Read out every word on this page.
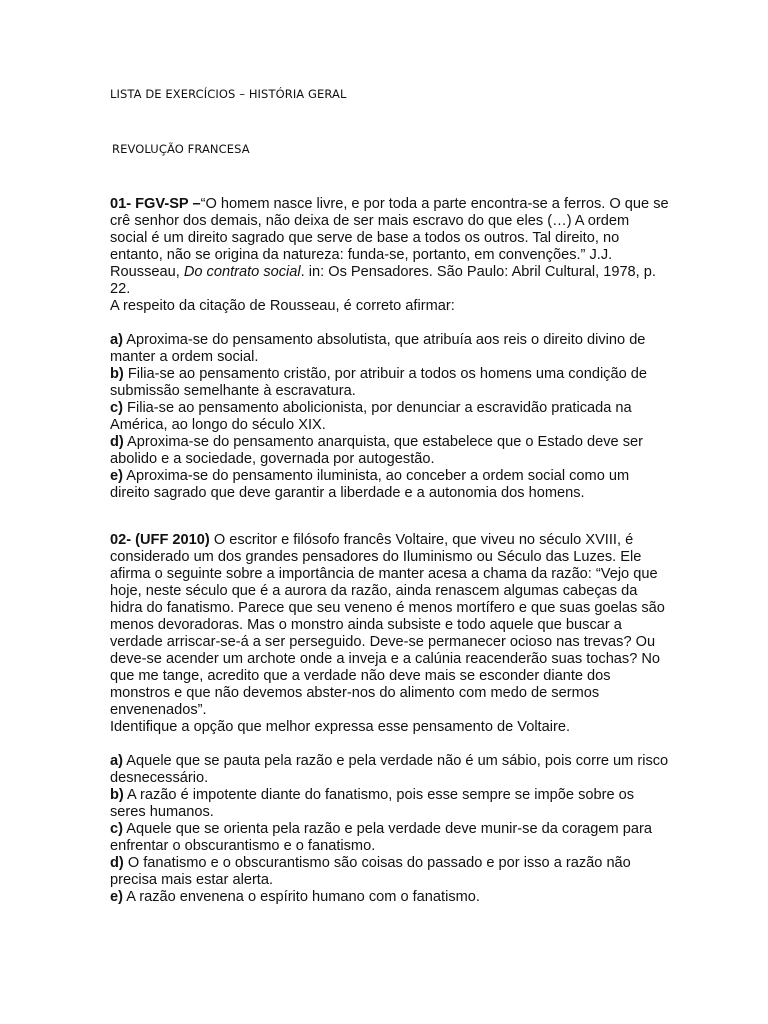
LISTA DE EXERCÍCIOS – HISTÓRIA GERAL
REVOLUÇÃO FRANCESA

01- FGV-SP –“O homem nasce livre, e por toda a parte encontra-se a ferros. O que se crê senhor dos demais, não deixa de ser mais escravo do que eles (…) A ordem social é um direito sagrado que serve de base a todos os outros. Tal direito, no entanto, não se origina da natureza: funda-se, portanto, em convenções.” J.J. Rousseau, Do contrato social. in: Os Pensadores. São Paulo: Abril Cultural, 1978, p. 22.

A respeito da citação de Rousseau, é correto afirmar:

a) Aproxima-se do pensamento absolutista, que atribuía aos reis o direito divino de manter a ordem social.

b) Filia-se ao pensamento cristão, por atribuir a todos os homens uma condição de submissão semelhante à escravatura.

c) Filia-se ao pensamento abolicionista, por denunciar a escravidão praticada na América, ao longo do século XIX.

d) Aproxima-se do pensamento anarquista, que estabelece que o Estado deve ser abolido e a sociedade, governada por autogestão.

e) Aproxima-se do pensamento iluminista, ao conceber a ordem social como um direito sagrado que deve garantir a liberdade e a autonomia dos homens.

02- (UFF 2010) O escritor e filósofo francês Voltaire, que viveu no século XVIII, é considerado um dos grandes pensadores do Iluminismo ou Século das Luzes. Ele afirma o seguinte sobre a importância de manter acesa a chama da razão: “Vejo que hoje, neste século que é a aurora da razão, ainda renascem algumas cabeças da hidra do fanatismo. Parece que seu veneno é menos mortífero e que suas goelas são menos devoradoras. Mas o monstro ainda subsiste e todo aquele que buscar a verdade arriscar-se-á a ser perseguido. Deve-se permanecer ocioso nas trevas? Ou deve-se acender um archote onde a inveja e a calúnia reacenderão suas tochas? No que me tange, acredito que a verdade não deve mais se esconder diante dos monstros e que não devemos abster-nos do alimento com medo de sermos envenenados”.

Identifique a opção que melhor expressa esse pensamento de Voltaire.

a) Aquele que se pauta pela razão e pela verdade não é um sábio, pois corre um risco desnecessário.

b) A razão é impotente diante do fanatismo, pois esse sempre se impõe sobre os seres humanos.

c) Aquele que se orienta pela razão e pela verdade deve munir-se da coragem para enfrentar o obscurantismo e o fanatismo.

d) O fanatismo e o obscurantismo são coisas do passado e por isso a razão não precisa mais estar alerta.

e) A razão envenena o espírito humano com o fanatismo.
